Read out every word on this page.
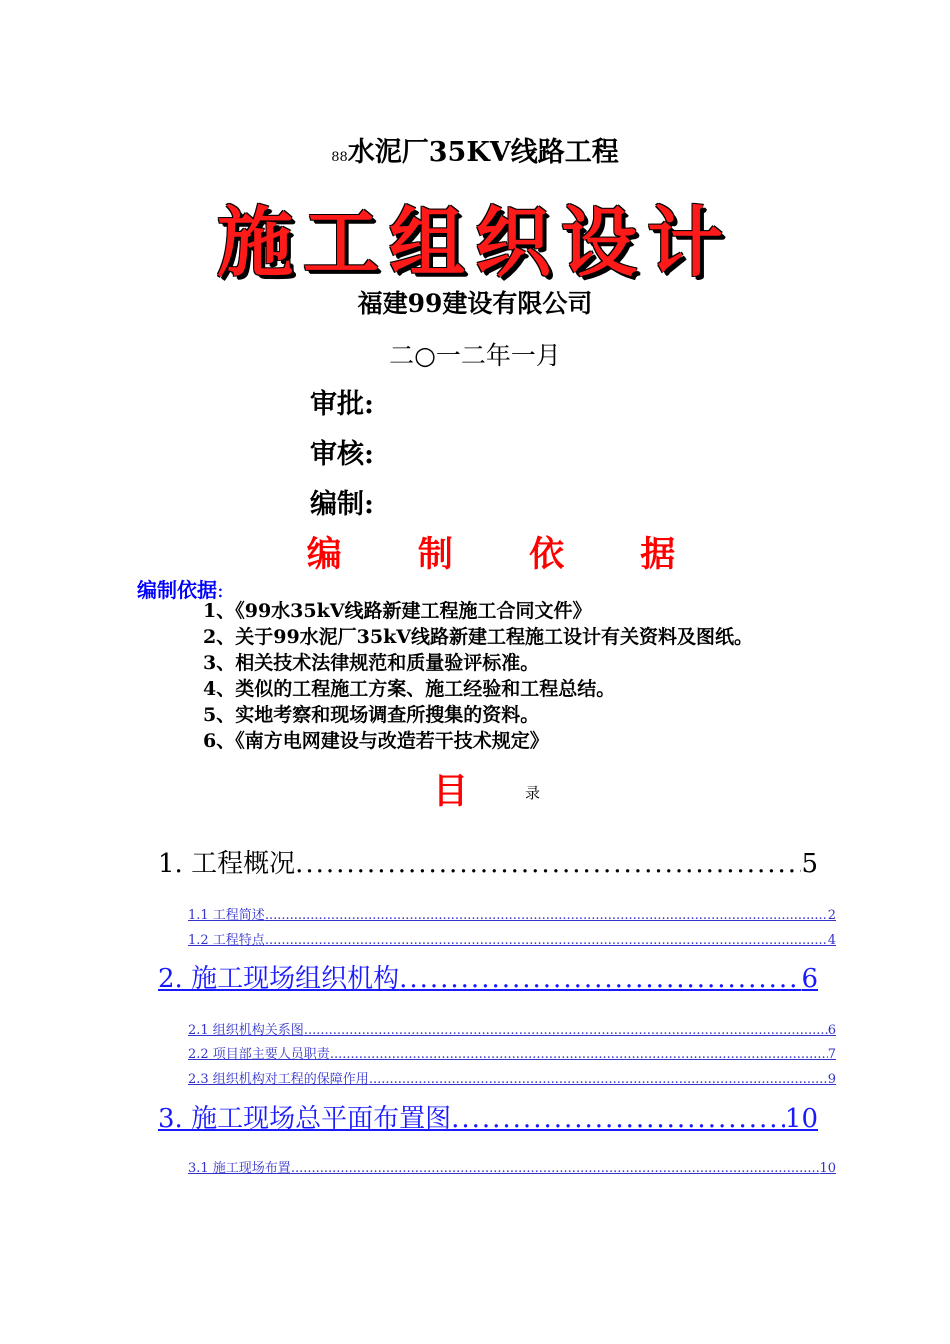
88水泥厂35KV线路工程
施工组织设计
福建99建设有限公司
二○一二年一月
审批:
审核:
编制:
编 制 依 据
编制依据:
1、《99水35kV线路新建工程施工合同文件》
2、关于99水泥厂35kV线路新建工程施工设计有关资料及图纸。
3、相关技术法律规范和质量验评标准。
4、类似的工程施工方案、施工经验和工程总结。
5、实地考察和现场调查所搜集的资料。
6、《南方电网建设与改造若干技术规定》
目	录
1. 工程概况 .....	5
1.1 工程简述 .....	2
1.2 工程特点 .....	4
2. 施工现场组织机构 .....	6
2.1 组织机构关系图 .....	6
2.2 项目部主要人员职责 .....	7
2.3 组织机构对工程的保障作用 .....	9
3. 施工现场总平面布置图 .....	10
3.1 施工现场布置 .....	10
